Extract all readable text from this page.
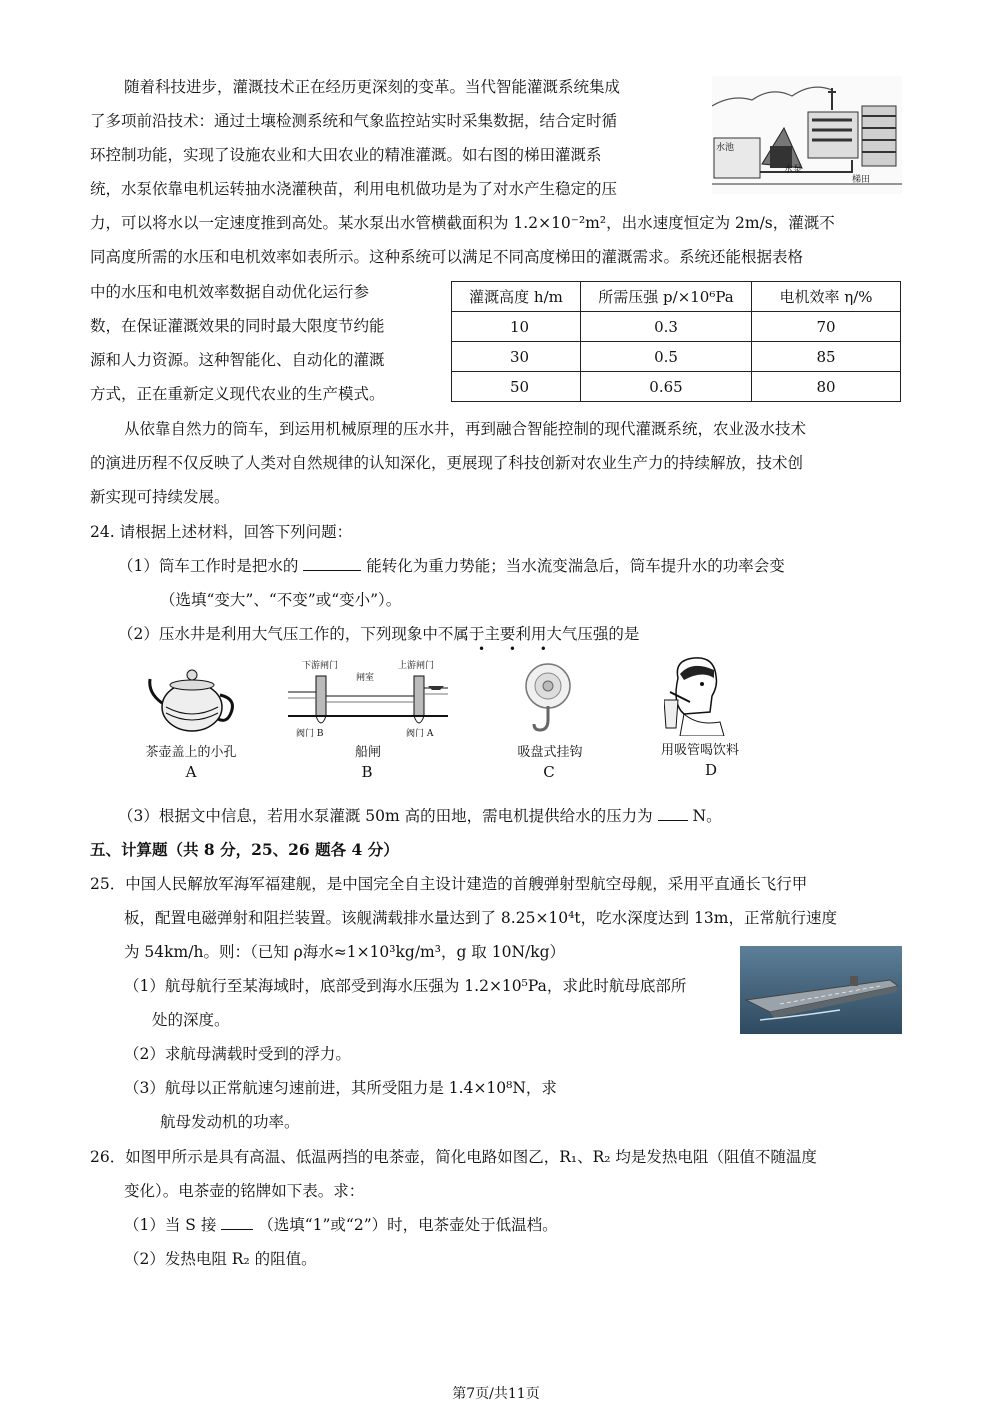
随着科技进步，灌溉技术正在经历更深刻的变革。当代智能灌溉系统集成
了多项前沿技术：通过土壤检测系统和气象监控站实时采集数据，结合定时循
环控制功能，实现了设施农业和大田农业的精准灌溉。如右图的梯田灌溉系
统，水泵依靠电机运转抽水浇灌秧苗，利用电机做功是为了对水产生稳定的压
力，可以将水以一定速度推到高处。某水泵出水管横截面积为 1.2×10⁻²m²，出水速度恒定为 2m/s，灌溉不
同高度所需的水压和电机效率如表所示。这种系统可以满足不同高度梯田的灌溉需求。系统还能根据表格
中的水压和电机效率数据自动优化运行参
数，在保证灌溉效果的同时最大限度节约能
源和人力资源。这种智能化、自动化的灌溉
方式，正在重新定义现代农业的生产模式。
水池
水泵
梯田
灌溉高度 h/m	所需压强 p/×10⁶Pa	电机效率 η/%
10	0.3	70
30	0.5	85
50	0.65	80
从依靠自然力的筒车，到运用机械原理的压水井，再到融合智能控制的现代灌溉系统，农业汲水技术
的演进历程不仅反映了人类对自然规律的认知深化，更展现了科技创新对农业生产力的持续解放，技术创
新实现可持续发展。
24. 请根据上述材料，回答下列问题：
（1）筒车工作时是把水的	能转化为重力势能；当水流变湍急后，筒车提升水的功率会变
（选填“变大”、“不变”或“变小”）。
（2）压水井是利用大气压工作的，下列现象中不属于主要利用大气压强的是
• • •
茶壶盖上的小孔
A
下游闸门	上游闸门
闸室
阀门 B	阀门 A
船闸
B
吸盘式挂钩
C
用吸管喝饮料
D
（3）根据文中信息，若用水泵灌溉 50m 高的田地，需电机提供给水的压力为	N。
五、计算题（共 8 分，25、26 题各 4 分）
25．中国人民解放军海军福建舰，是中国完全自主设计建造的首艘弹射型航空母舰，采用平直通长飞行甲
板，配置电磁弹射和阻拦装置。该舰满载排水量达到了 8.25×10⁴t，吃水深度达到 13m，正常航行速度
为 54km/h。则：（已知 ρ海水≈1×10³kg/m³，g 取 10N/kg）
（1）航母航行至某海域时，底部受到海水压强为 1.2×10⁵Pa，求此时航母底部所
处的深度。
（2）求航母满载时受到的浮力。
（3）航母以正常航速匀速前进，其所受阻力是 1.4×10⁸N，求
航母发动机的功率。
26．如图甲所示是具有高温、低温两挡的电茶壶，简化电路如图乙，R₁、R₂ 均是发热电阻（阻值不随温度
变化）。电茶壶的铭牌如下表。求：
（1）当 S 接	（选填“1”或“2”）时，电茶壶处于低温档。
（2）发热电阻 R₂ 的阻值。
第7页/共11页
